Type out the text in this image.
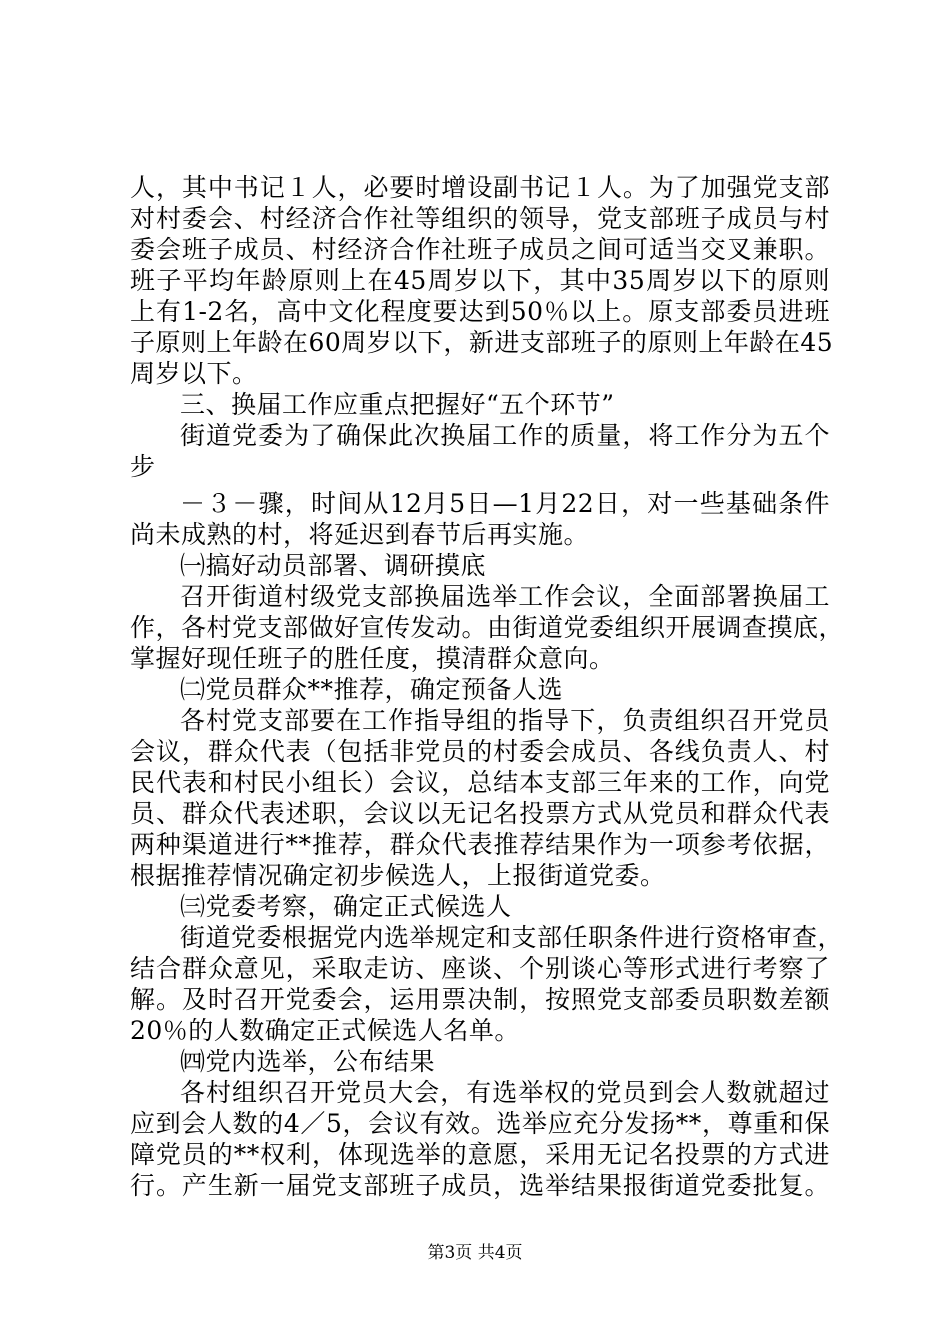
人，其中书记１人，必要时增设副书记１人。为了加强党支部
对村委会、村经济合作社等组织的领导，党支部班子成员与村
委会班子成员、村经济合作社班子成员之间可适当交叉兼职。
班子平均年龄原则上在45周岁以下，其中35周岁以下的原则
上有1-2名，高中文化程度要达到50％以上。原支部委员进班
子原则上年龄在60周岁以下，新进支部班子的原则上年龄在45
周岁以下。
三、换届工作应重点把握好“五个环节”
街道党委为了确保此次换届工作的质量，将工作分为五个
步
－３－骤，时间从12月5日—1月22日，对一些基础条件
尚未成熟的村，将延迟到春节后再实施。
㈠搞好动员部署、调研摸底
召开街道村级党支部换届选举工作会议，全面部署换届工
作，各村党支部做好宣传发动。由街道党委组织开展调查摸底，
掌握好现任班子的胜任度，摸清群众意向。
㈡党员群众**推荐，确定预备人选
各村党支部要在工作指导组的指导下，负责组织召开党员
会议，群众代表（包括非党员的村委会成员、各线负责人、村
民代表和村民小组长）会议，总结本支部三年来的工作，向党
员、群众代表述职，会议以无记名投票方式从党员和群众代表
两种渠道进行**推荐，群众代表推荐结果作为一项参考依据，
根据推荐情况确定初步候选人，上报街道党委。
㈢党委考察，确定正式候选人
街道党委根据党内选举规定和支部任职条件进行资格审查，
结合群众意见，采取走访、座谈、个别谈心等形式进行考察了
解。及时召开党委会，运用票决制，按照党支部委员职数差额
20％的人数确定正式候选人名单。
㈣党内选举，公布结果
各村组织召开党员大会，有选举权的党员到会人数就超过
应到会人数的4／5，会议有效。选举应充分发扬**，尊重和保
障党员的**权利，体现选举的意愿，采用无记名投票的方式进
行。产生新一届党支部班子成员，选举结果报街道党委批复。
第3页 共4页
